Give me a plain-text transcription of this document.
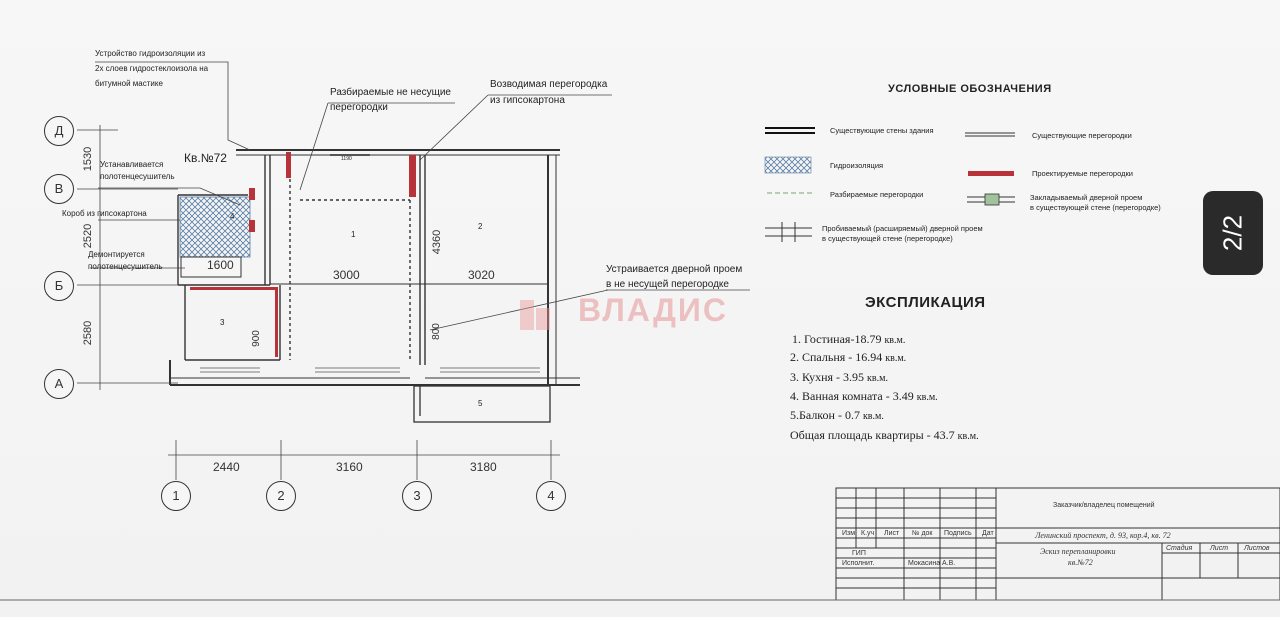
ВЛАДИС
Устройство гидроизоляции из
2х слоев гидростеклоизола на
битумной мастике
Разбираемые не несущие
перегородки
Возводимая перегородка
из гипсокартона
Устанавливается
полотенцесушитель
Короб из гипсокартона
Демонтируется
полотенцесушитель	Устраивается дверной проем
в не несущей перегородке
Кв.№72
Д
В
Б
А
1	2	3	4
1530
2520
2580
2440	3160	3180
1600
3000	3020
4360
900	800
1190
1
2
3
4
5
УСЛОВНЫЕ ОБОЗНАЧЕНИЯ
Существующие стены здания
Существующие перегородки
Гидроизоляция
Проектируемые перегородки
Разбираемые перегородки	Закладываемый дверной проем
в существующей стене (перегородке)
Пробиваемый (расширяемый) дверной проем
в существующей стене (перегородке)
ЭКСПЛИКАЦИЯ
1. Гостиная-18.79 кв.м.
2. Спальня - 16.94 кв.м.
3. Кухня - 3.95 кв.м.
4. Ванная комната - 3.49 кв.м.
5.Балкон - 0.7 кв.м.
Общая площадь квартиры - 43.7 кв.м.
Заказчик/владелец помещений
Ленинский проспект, д. 93, кор.4, кв. 72
Изм К.уч Лист № док Подпись Дат
ГИП
Исполнит.	Мокасина А.В.
Эскиз перепланировки
кв.№72
Стадия	Лист Листов
2/2
